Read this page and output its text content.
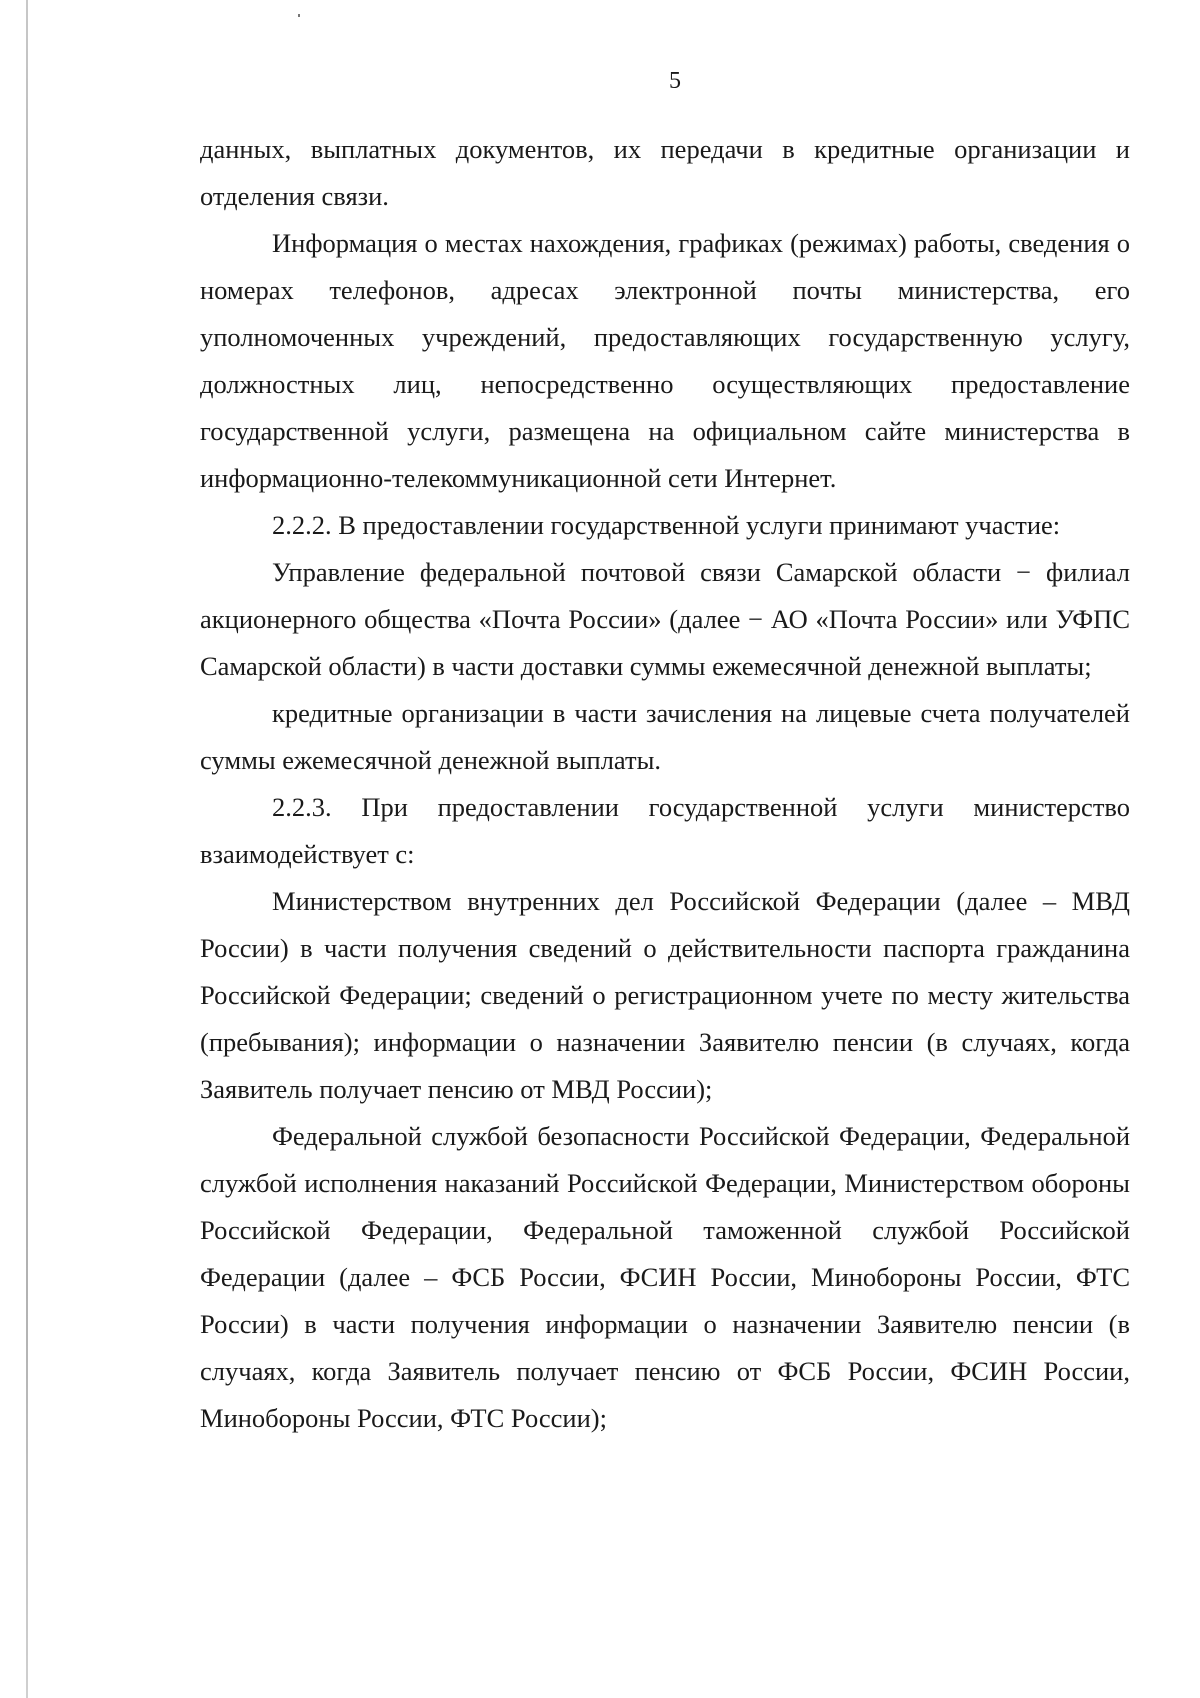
5

данных, выплатных документов, их передачи в кредитные организации и отделения связи.

Информация о местах нахождения, графиках (режимах) работы, сведения о номерах телефонов, адресах электронной почты министерства, его уполномоченных учреждений, предоставляющих государственную услугу, должностных лиц, непосредственно осуществляющих предоставление государственной услуги, размещена на официальном сайте министерства в информационно-телекоммуникационной сети Интернет.

2.2.2. В предоставлении государственной услуги принимают участие:

Управление федеральной почтовой связи Самарской области − филиал акционерного общества «Почта России» (далее − АО «Почта России» или УФПС Самарской области) в части доставки суммы ежемесячной денежной выплаты;

кредитные организации в части зачисления на лицевые счета получателей суммы ежемесячной денежной выплаты.

2.2.3. При предоставлении государственной услуги министерство взаимодействует с:

Министерством внутренних дел Российской Федерации (далее – МВД России) в части получения сведений о действительности паспорта гражданина Российской Федерации; сведений о регистрационном учете по месту жительства (пребывания); информации о назначении Заявителю пенсии (в случаях, когда Заявитель получает пенсию от МВД России);

Федеральной службой безопасности Российской Федерации, Федеральной службой исполнения наказаний Российской Федерации, Министерством обороны Российской Федерации, Федеральной таможенной службой Российской Федерации (далее – ФСБ России, ФСИН России, Минобороны России, ФТС России) в части получения информации о назначении Заявителю пенсии (в случаях, когда Заявитель получает пенсию от ФСБ России, ФСИН России, Минобороны России, ФТС России);
